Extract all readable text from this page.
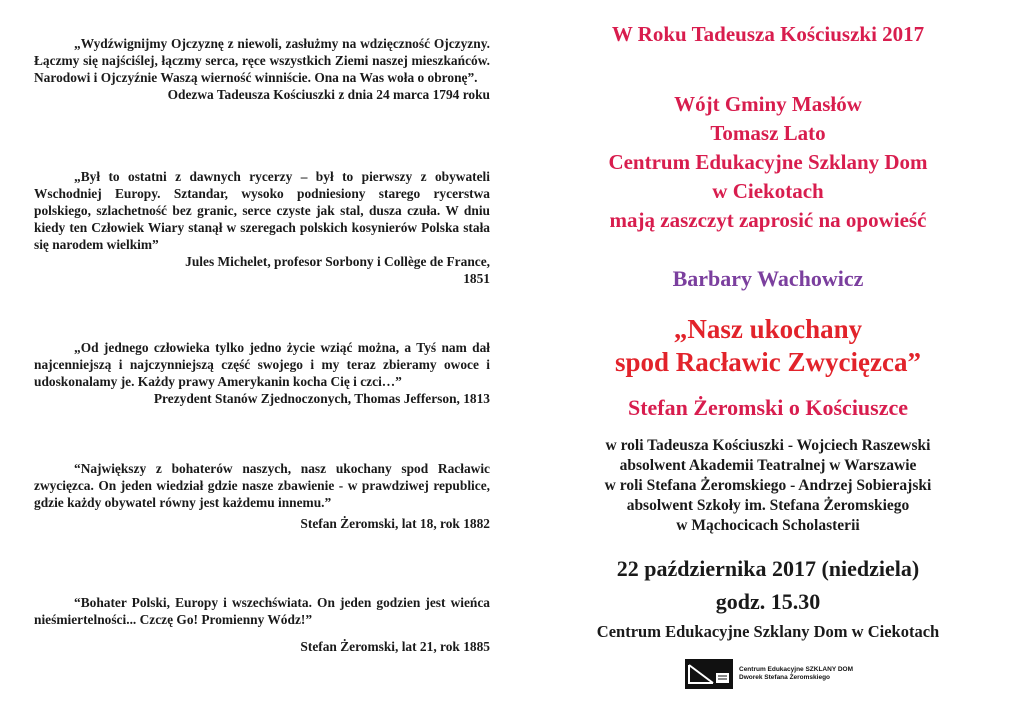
„Wydźwignijmy Ojczyznę z niewoli, zasłużmy na wdzięczność Ojczyzny. Łączmy się najściślej, łączmy serca, ręce wszystkich Ziemi naszej mieszkańców. Narodowi i Ojczyźnie Waszą wierność winniście. Ona na Was woła o obronę”.
Odezwa Tadeusza Kościuszki z dnia 24 marca 1794 roku
„Był to ostatni z dawnych rycerzy – był to pierwszy z obywateli Wschodniej Europy. Sztandar, wysoko podniesiony starego rycerstwa polskiego, szlachetność bez granic, serce czyste jak stal, dusza czuła. W dniu kiedy ten Człowiek Wiary stanął w szeregach polskich kosynierów Polska stała się narodem wielkim”
Jules Michelet, profesor Sorbony i Collège de France,
1851
„Od jednego człowieka tylko jedno życie wziąć można, a Tyś nam dał najcenniejszą i najczynniejszą część swojego i my teraz zbieramy owoce i udoskonalamy je. Każdy prawy Amerykanin kocha Cię i czci…”
Prezydent Stanów Zjednoczonych, Thomas Jefferson, 1813
“Największy z bohaterów naszych, nasz ukochany spod Racławic zwycięzca. On jeden wiedział gdzie nasze zbawienie - w prawdziwej republice, gdzie każdy obywatel równy jest każdemu innemu.”
Stefan Żeromski, lat 18, rok 1882
“Bohater Polski, Europy i wszechświata. On jeden godzien jest wieńca nieśmiertelności... Czczę Go! Promienny Wódz!”
Stefan Żeromski, lat 21, rok 1885
W Roku Tadeusza Kościuszki 2017
Wójt Gminy Masłów
Tomasz Lato
Centrum Edukacyjne Szklany Dom
w Ciekotach
mają zaszczyt zaprosić na opowieść
Barbary Wachowicz
„Nasz ukochany
spod Racławic Zwycięzca”
Stefan Żeromski o Kościuszce
w roli Tadeusza Kościuszki - Wojciech Raszewski
absolwent Akademii Teatralnej w Warszawie
w roli Stefana Żeromskiego - Andrzej Sobierajski
absolwent Szkoły im. Stefana Żeromskiego
w Mąchocicach Scholasterii
22 października 2017 (niedziela)
godz. 15.30
Centrum Edukacyjne Szklany Dom w Ciekotach
Centrum Edukacyjne SZKLANY DOM
Dworek Stefana Żeromskiego
